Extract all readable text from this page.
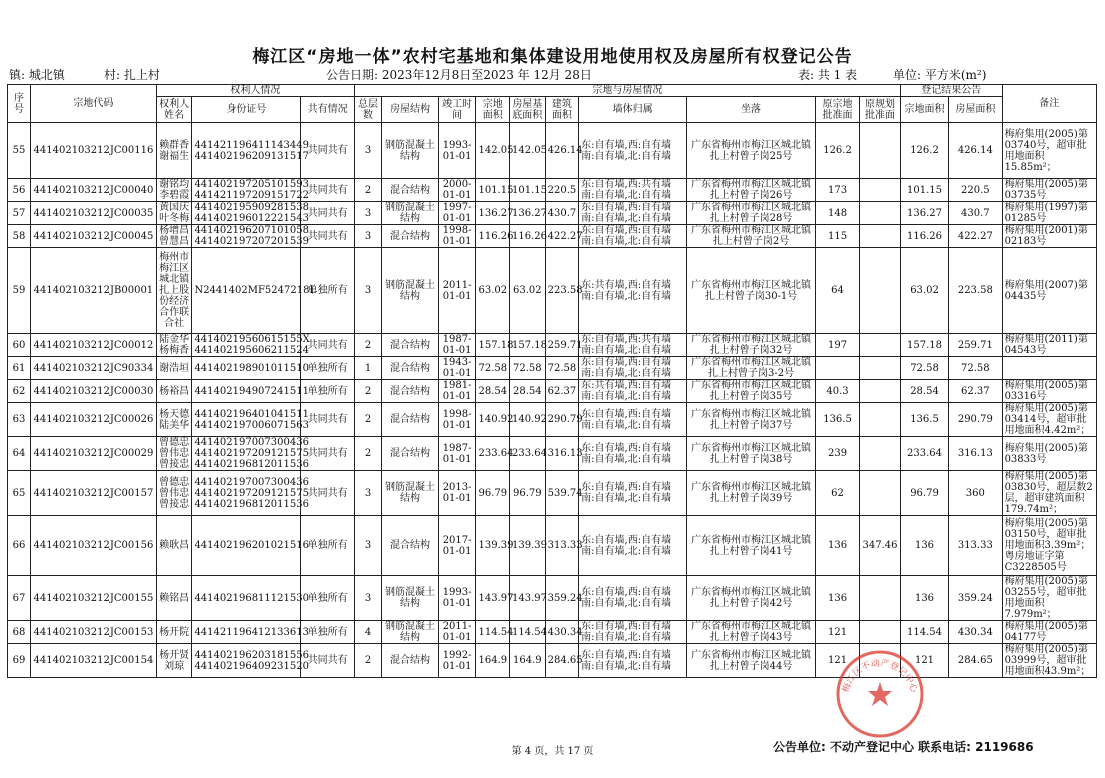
梅江区“房地一体”农村宅基地和集体建设用地使用权及房屋所有权登记公告
镇: 城北镇	村: 扎上村	公告日期: 2023年12月8日至2023 年 12月 28日	表: 共 1 表	单位: 平方米(m²)
序号	宗地代码	权利人情况			宗地与房屋情况										登记结果公告		备注
		权利人姓名	身份证号	共有情况	总层数	房屋结构	竣工时间	宗地面积	房屋基底面积	建筑面积	墙体归属	坐落	原宗地批准面	原规划批准面	宗地面积	房屋面积	
55	441402103212JC00116	赖群香
谢福生	441421196411143449
441402196209131517	共同共有	3	钢筋混凝土结构	1993-01-01	142.05	142.05	426.14	东:自有墙,西:自有墙
南:自有墙,北:自有墙	广东省梅州市梅江区城北镇扎上村曾子岗25号	126.2		126.2	426.14	梅府集用(2005)第03740号，超审批用地面积15.85m²；
56	441402103212JC00040	谢铭均
李碧霞	441402197205101593
441421197209151722	共同共有	2	混合结构	2000-01-01	101.15	101.15	220.5	东:自有墙,西:共有墙
南:自有墙,北:自有墙	广东省梅州市梅江区城北镇扎上村曾子岗26号	173		101.15	220.5	梅府集用(2005)第03735号
57	441402103212JC00035	黄国庆
叶冬梅	441402195909281538
441402196012221543	共同共有	3	钢筋混凝土结构	1997-01-01	136.27	136.27	430.7	东:自有墙,西:自有墙
南:自有墙,北:自有墙	广东省梅州市梅江区城北镇扎上村曾子岗28号	148		136.27	430.7	梅府集用(1997)第01285号
58	441402103212JC00045	杨增昌
曾慧昌	441402196207101058
441402197207201539	共同共有	3	混合结构	1998-01-01	116.26	116.26	422.27	东:自有墙,西:自有墙
南:自有墙,北:自有墙	广东省梅州市梅江区城北镇扎上村曾子岗2号	115		116.26	422.27	梅府集用(2001)第02183号
59	441402103212JB00001	梅州市梅江区城北镇扎上股份经济合作联合社	N2441402MF5247218L	单独所有	3	钢筋混凝土结构	2011-01-01	63.02	63.02	223.58	东:共有墙,西:自有墙
南:自有墙,北:自有墙	广东省梅州市梅江区城北镇扎上村曾子岗30-1号	64		63.02	223.58	梅府集用(2007)第04435号
60	441402103212JC00012	陆金华
杨梅香	44140219560615155X
441402195606211524	共同共有	2	混合结构	1987-01-01	157.18	157.18	259.71	东:自有墙,西:共有墙
南:自有墙,北:自有墙	广东省梅州市梅江区城北镇扎上村曾子岗32号	197		157.18	259.71	梅府集用(2011)第04543号
61	441402103212JC90334	谢浩垣	441402198901011510	单独所有	1	混合结构	1943-01-01	72.58	72.58	72.58	东:自有墙,西:自有墙
南:自有墙,北:自有墙	广东省梅州市梅江区城北镇扎上村曾子岗3-2号			72.58	72.58	
62	441402103212JC00030	杨裕昌	441402194907241511	单独所有	2	混合结构	1981-01-01	28.54	28.54	62.37	东:共有墙,西:自有墙
南:自有墙,北:自有墙	广东省梅州市梅江区城北镇扎上村曾子岗35号	40.3		28.54	62.37	梅府集用(2005)第03316号
63	441402103212JC00026	杨天德
陆美华	441402196401041511
441402197006071563	共同共有	2	混合结构	1998-01-01	140.92	140.92	290.79	东:自有墙,西:自有墙
南:自有墙,北:自有墙	广东省梅州市梅江区城北镇扎上村曾子岗37号	136.5		136.5	290.79	梅府集用(2005)第03414号，超审批用地面积4.42m²；
64	441402103212JC00029	曾德忠
曾伟忠
曾接忠	441402197007300436
441402197209121575
441402196812011536	共同共有	2	混合结构	1987-01-01	233.64	233.64	316.13	东:自有墙,西:自有墙
南:自有墙,北:自有墙	广东省梅州市梅江区城北镇扎上村曾子岗38号	239		233.64	316.13	梅府集用(2005)第03833号
65	441402103212JC00157	曾德忠
曾伟忠
曾接忠	441402197007300436
441402197209121575
441402196812011536	共同共有	3	钢筋混凝土结构	2013-01-01	96.79	96.79	539.74	东:自有墙,西:自有墙
南:自有墙,北:自有墙	广东省梅州市梅江区城北镇扎上村曾子岗39号	62		96.79	360	梅府集用(2005)第03830号，超层数2层，超审建筑面积179.74m²；
66	441402103212JC00156	赖耿昌	441402196201021516	单独所有	3	混合结构	2017-01-01	139.39	139.39	313.33	东:自有墙,西:自有墙
南:自有墙,北:自有墙	广东省梅州市梅江区城北镇扎上村曾子岗41号	136	347.46	136	313.33	梅府集用(2005)第03150号，超审批用地面积3.39m²；粤房地证字第C3228505号
67	441402103212JC00155	赖铭昌	441402196811121530	单独所有	3	钢筋混凝土结构	1993-01-01	143.97	143.97	359.24	东:自有墙,西:自有墙
南:自有墙,北:自有墙	广东省梅州市梅江区城北镇扎上村曾子岗42号	136		136	359.24	梅府集用(2005)第03255号，超审批用地面积7.979m²；
68	441402103212JC00153	杨开院	441421196412133613	单独所有	4	钢筋混凝土结构	2011-01-01	114.54	114.54	430.34	东:自有墙,西:自有墙
南:自有墙,北:自有墙	广东省梅州市梅江区城北镇扎上村曾子岗43号	121		114.54	430.34	梅府集用(2005)第04177号
69	441402103212JC00154	杨开贤
刘琼	441402196203181556
441402196409231520	共同共有	2	混合结构	1992-01-01	164.9	164.9	284.65	东:自有墙,西:自有墙
南:自有墙,北:自有墙	广东省梅州市梅江区城北镇扎上村曾子岗44号	121		121	284.65	梅府集用(2005)第03999号，超审批用地面积43.9m²；
梅江区不动产登记中心
第 4 页，共 17 页	公告单位: 不动产登记中心 联系电话: 2119686
